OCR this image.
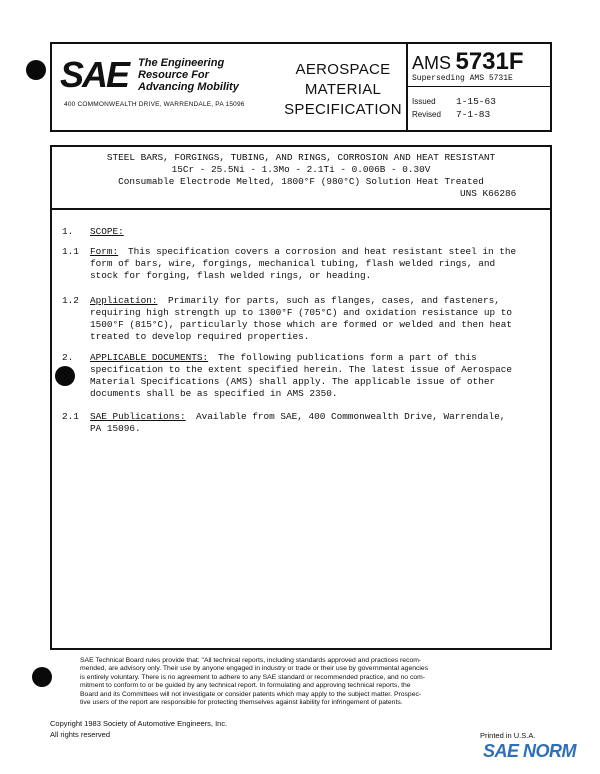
SAE The Engineering
Resource For
Advancing Mobility
400 COMMONWEALTH DRIVE, WARRENDALE, PA 15096
AEROSPACE
MATERIAL
SPECIFICATION
AMS 5731F
Superseding AMS 5731E
Issued 1-15-63
Revised 7-1-83
STEEL BARS, FORGINGS, TUBING, AND RINGS, CORROSION AND HEAT RESISTANT
15Cr - 25.5Ni - 1.3Mo - 2.1Ti - 0.006B - 0.30V
Consumable Electrode Melted, 1800°F (980°C) Solution Heat Treated
UNS K66286
1. SCOPE:
1.1 Form: This specification covers a corrosion and heat resistant steel in the
form of bars, wire, forgings, mechanical tubing, flash welded rings, and
stock for forging, flash welded rings, or heading.
1.2 Application: Primarily for parts, such as flanges, cases, and fasteners,
requiring high strength up to 1300°F (705°C) and oxidation resistance up to
1500°F (815°C), particularly those which are formed or welded and then heat
treated to develop required properties.
2. APPLICABLE DOCUMENTS: The following publications form a part of this
specification to the extent specified herein. The latest issue of Aerospace
Material Specifications (AMS) shall apply. The applicable issue of other
documents shall be as specified in AMS 2350.
2.1 SAE Publications: Available from SAE, 400 Commonwealth Drive, Warrendale,
PA 15096.
SAE Technical Board rules provide that: "All technical reports, including standards approved and practices recom-
mended, are advisory only. Their use by anyone engaged in industry or trade or their use by governmental agencies
is entirely voluntary. There is no agreement to adhere to any SAE standard or recommended practice, and no com-
mitment to conform to or be guided by any technical report. In formulating and approving technical reports, the
Board and its Committees will not investigate or consider patents which may apply to the subject matter. Prospec-
tive users of the report are responsible for protecting themselves against liability for infringement of patents.
Copyright 1983 Society of Automotive Engineers, Inc.
All rights reserved	Printed in U.S.A.
SAE NORM
